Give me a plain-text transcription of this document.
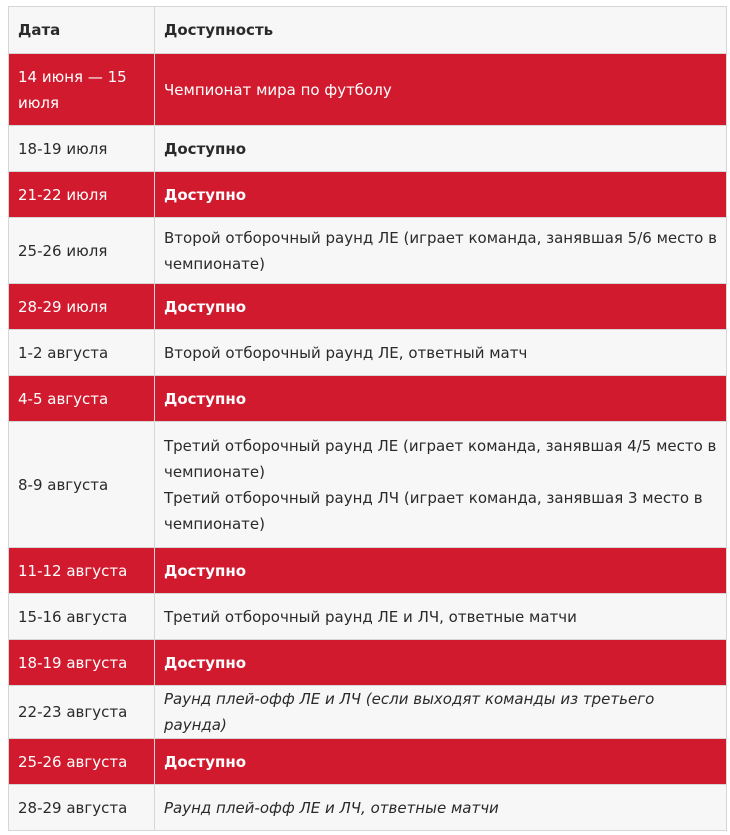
Дата	Доступность
14 июня — 15 июля	Чемпионат мира по футболу

18-19 июля	Доступно

21-22 июля	Доступно

25-26 июля	Второй отборочный раунд ЛЕ (играет команда, занявшая 5/6 место в чемпионате)

28-29 июля	Доступно

1-2 августа	Второй отборочный раунд ЛЕ, ответный матч

4-5 августа	Доступно

8-9 августа	Третий отборочный раунд ЛЕ (играет команда, занявшая 4/5 место в чемпионате)
Третий отборочный раунд ЛЧ (играет команда, занявшая 3 место в чемпионате)

11-12 августа	Доступно

15-16 августа	Третий отборочный раунд ЛЕ и ЛЧ, ответные матчи

18-19 августа	Доступно

22-23 августа	Раунд плей-офф ЛЕ и ЛЧ (если выходят команды из третьего раунда)

25-26 августа	Доступно

28-29 августа	Раунд плей-офф ЛЕ и ЛЧ, ответные матчи
